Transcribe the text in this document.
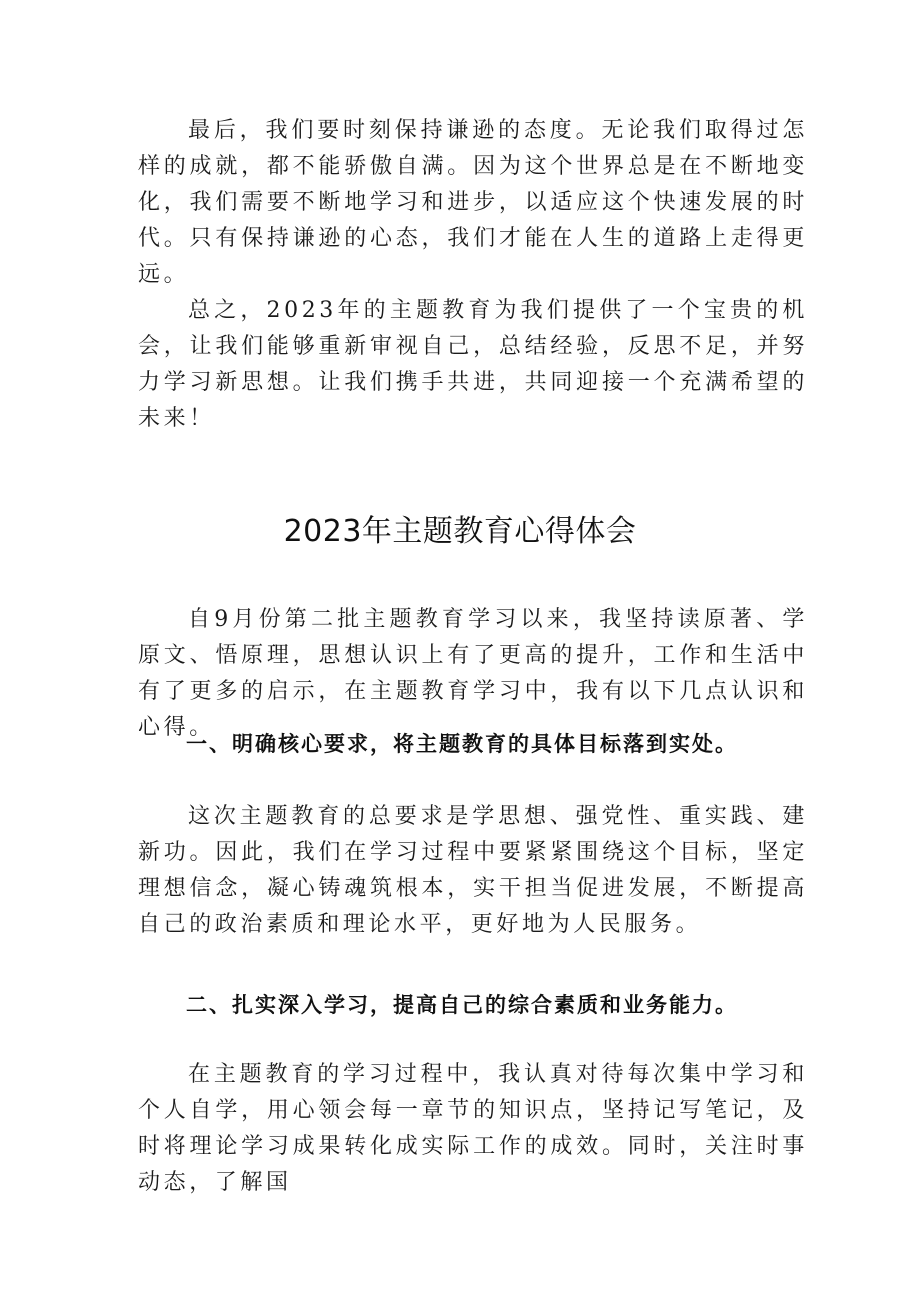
最后，我们要时刻保持谦逊的态度。无论我们取得过怎样的成就，都不能骄傲自满。因为这个世界总是在不断地变化，我们需要不断地学习和进步，以适应这个快速发展的时代。只有保持谦逊的心态，我们才能在人生的道路上走得更远。

总之，2023年的主题教育为我们提供了一个宝贵的机会，让我们能够重新审视自己，总结经验，反思不足，并努力学习新思想。让我们携手共进，共同迎接一个充满希望的未来！

2023年主题教育心得体会

自9月份第二批主题教育学习以来，我坚持读原著、学原文、悟原理，思想认识上有了更高的提升，工作和生活中有了更多的启示，在主题教育学习中，我有以下几点认识和心得。

一、明确核心要求，将主题教育的具体目标落到实处。

这次主题教育的总要求是学思想、强党性、重实践、建新功。因此，我们在学习过程中要紧紧围绕这个目标，坚定理想信念，凝心铸魂筑根本，实干担当促进发展，不断提高自己的政治素质和理论水平，更好地为人民服务。

二、扎实深入学习，提高自己的综合素质和业务能力。

在主题教育的学习过程中，我认真对待每次集中学习和个人自学，用心领会每一章节的知识点，坚持记写笔记，及时将理论学习成果转化成实际工作的成效。同时，关注时事动态，了解国
